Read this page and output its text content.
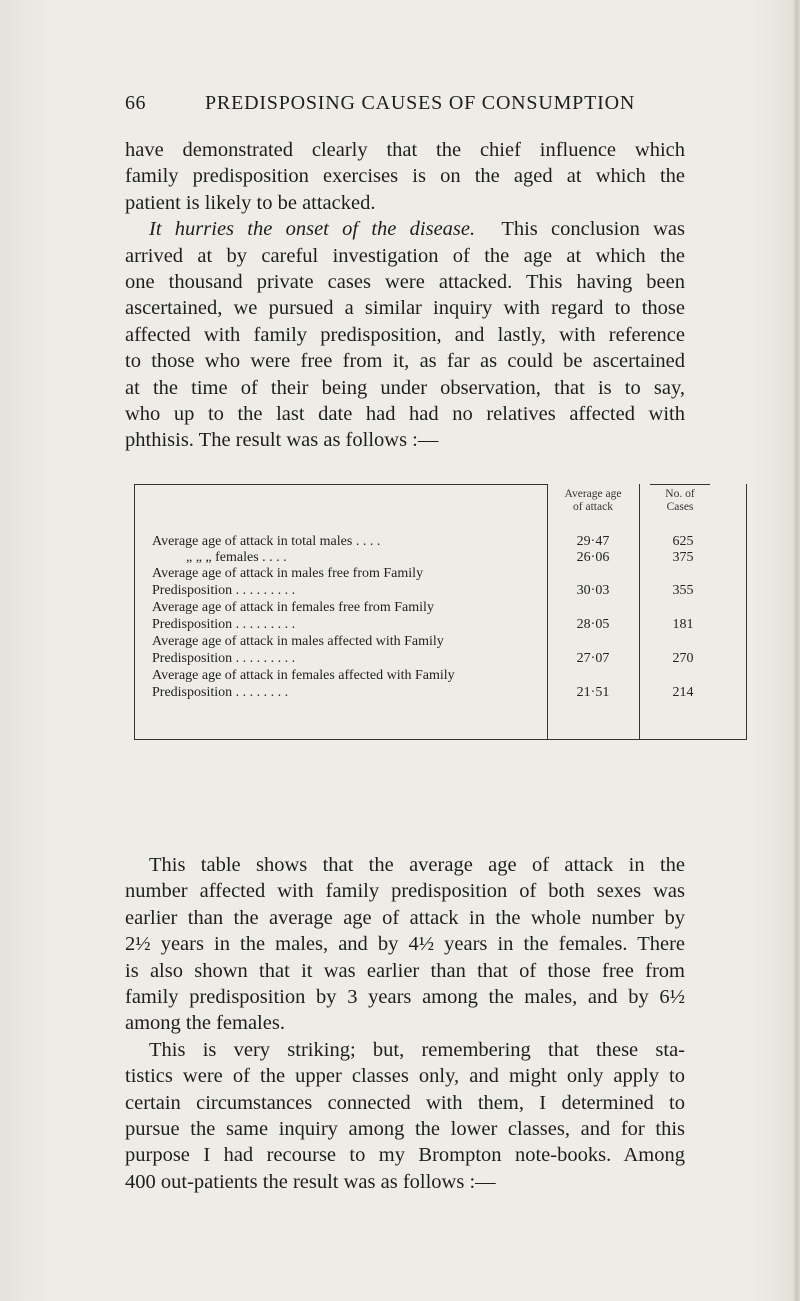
66	PREDISPOSING CAUSES OF CONSUMPTION
have demonstrated clearly that the chief influence which
family predisposition exercises is on the aged at which the
patient is likely to be attacked.
It hurries the onset of the disease. This conclusion was
arrived at by careful investigation of the age at which the
one thousand private cases were attacked. This having been
ascertained, we pursued a similar inquiry with regard to those
affected with family predisposition, and lastly, with reference
to those who were free from it, as far as could be ascertained
at the time of their being under observation, that is to say,
who up to the last date had had no relatives affected with
phthisis. The result was as follows :—
Average age
of attack
No. of
Cases
Average age of attack in total males . . . .	29·47	625
„ „ „ females . . . .	26·06	375
Average age of attack in males free from Family
Predisposition . . . . . . . . .	30·03	355
Average age of attack in females free from Family
Predisposition . . . . . . . . .	28·05	181
Average age of attack in males affected with Family
Predisposition . . . . . . . . .	27·07	270
Average age of attack in females affected with Family
Predisposition . . . . . . . .	21·51	214
This table shows that the average age of attack in the
number affected with family predisposition of both sexes was
earlier than the average age of attack in the whole number by
2½ years in the males, and by 4½ years in the females. There
is also shown that it was earlier than that of those free from
family predisposition by 3 years among the males, and by 6½
among the females.
This is very striking; but, remembering that these sta-
tistics were of the upper classes only, and might only apply to
certain circumstances connected with them, I determined to
pursue the same inquiry among the lower classes, and for this
purpose I had recourse to my Brompton note-books. Among
400 out-patients the result was as follows :—
